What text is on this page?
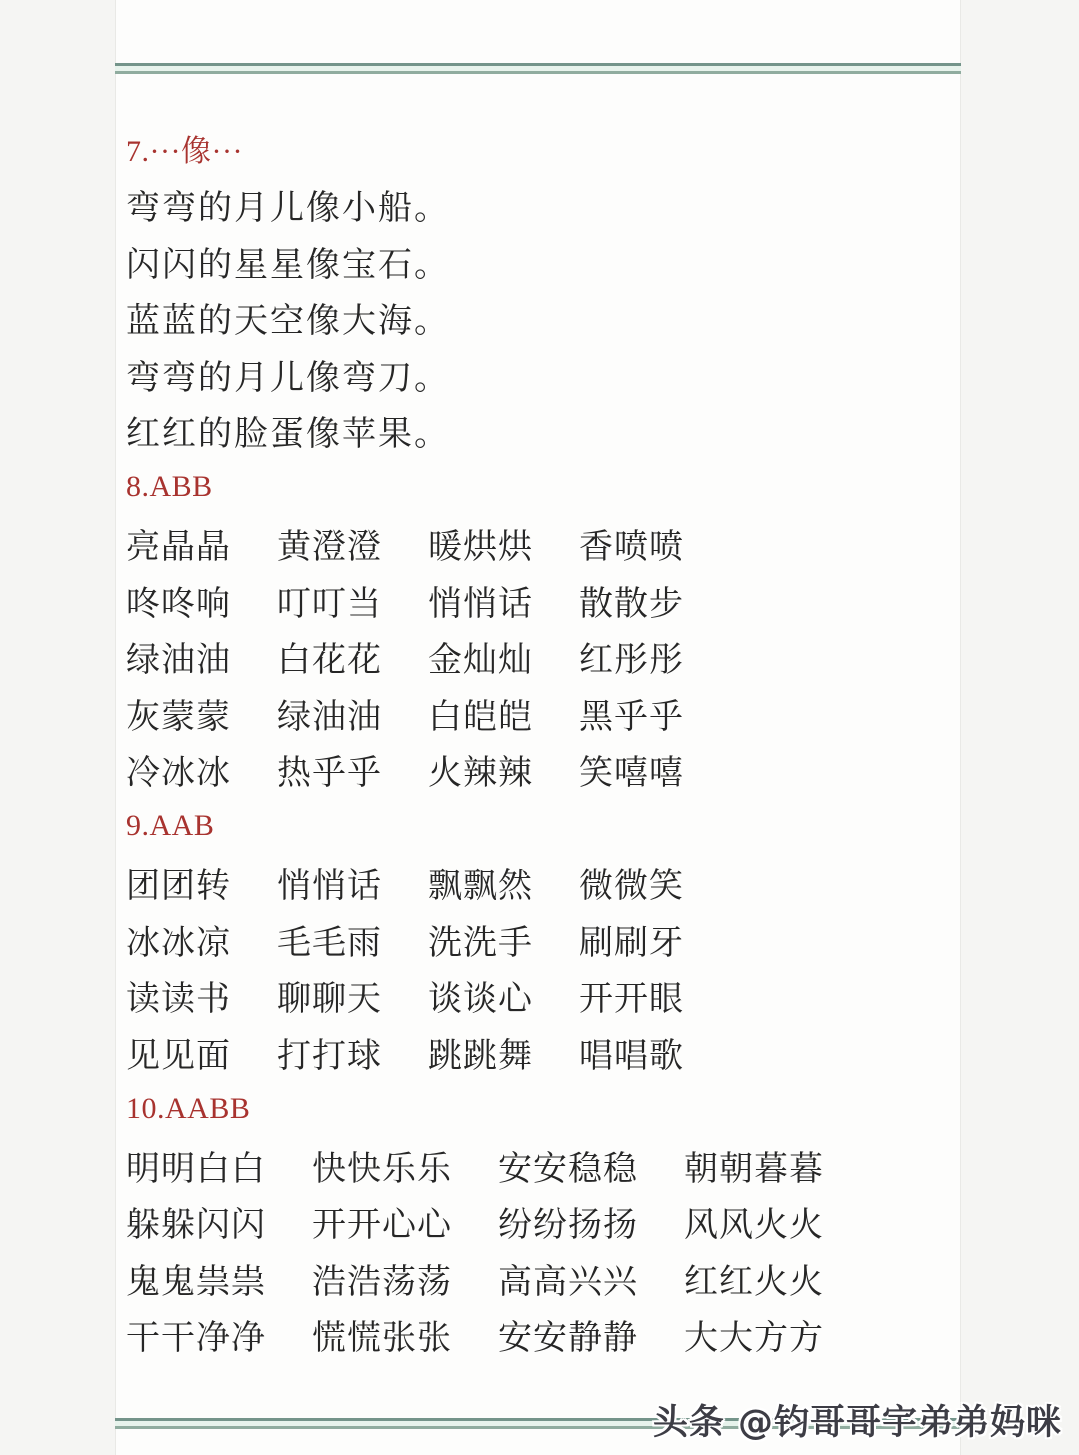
7.···像···
弯弯的月儿像小船。
闪闪的星星像宝石。
蓝蓝的天空像大海。
弯弯的月儿像弯刀。
红红的脸蛋像苹果。
8.ABB
亮晶晶 黄澄澄 暖烘烘 香喷喷
咚咚响 叮叮当 悄悄话 散散步
绿油油 白花花 金灿灿 红彤彤
灰蒙蒙 绿油油 白皑皑 黑乎乎
冷冰冰 热乎乎 火辣辣 笑嘻嘻
9.AAB
团团转 悄悄话 飘飘然 微微笑
冰冰凉 毛毛雨 洗洗手 刷刷牙
读读书 聊聊天 谈谈心 开开眼
见见面 打打球 跳跳舞 唱唱歌
10.AABB
明明白白 快快乐乐 安安稳稳 朝朝暮暮
躲躲闪闪 开开心心 纷纷扬扬 风风火火
鬼鬼祟祟 浩浩荡荡 高高兴兴 红红火火
干干净净 慌慌张张 安安静静 大大方方
头条 @钧哥哥宇弟弟妈咪
